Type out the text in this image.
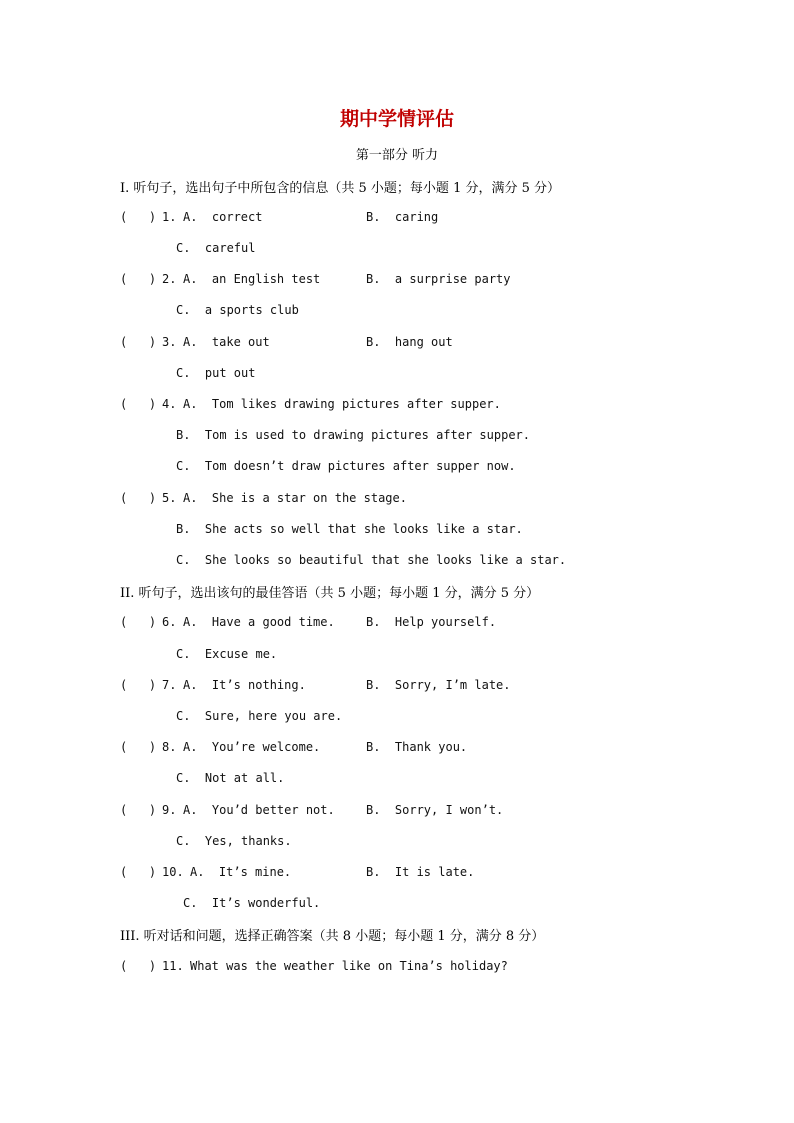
期中学情评估
第一部分 听力
I. 听句子，选出句子中所包含的信息（共 5 小题；每小题 1 分，满分 5 分）
(   ) 1. A.  correct	B.  caring
C.  careful
(   ) 2. A.  an English test	B.  a surprise party
C.  a sports club
(   ) 3. A.  take out	B.  hang out
C.  put out
(   ) 4. A.  Tom likes drawing pictures after supper.
B.  Tom is used to drawing pictures after supper.
C.  Tom doesn’t draw pictures after supper now.
(   ) 5. A.  She is a star on the stage.
B.  She acts so well that she looks like a star.
C.  She looks so beautiful that she looks like a star.
II. 听句子，选出该句的最佳答语（共 5 小题；每小题 1 分，满分 5 分）
(   ) 6. A.  Have a good time.	B.  Help yourself.
C.  Excuse me.
(   ) 7. A.  It’s nothing.	B.  Sorry, I’m late.
C.  Sure, here you are.
(   ) 8. A.  You’re welcome.	B.  Thank you.
C.  Not at all.
(   ) 9. A.  You’d better not.	B.  Sorry, I won’t.
C.  Yes, thanks.
(   ) 10. A.  It’s mine.	B.  It is late.
C.  It’s wonderful.
III. 听对话和问题，选择正确答案（共 8 小题；每小题 1 分，满分 8 分）
(   ) 11. What was the weather like on Tina’s holiday?
